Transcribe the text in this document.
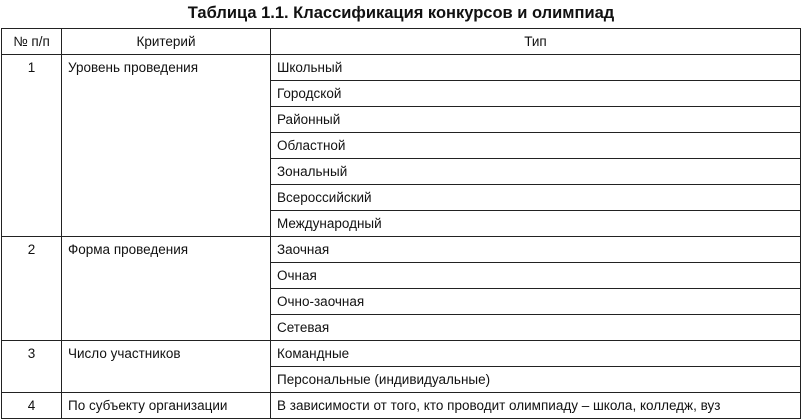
Таблица 1.1. Классификация конкурсов и олимпиад
№ п/п	Критерий	Тип
1	Уровень проведения	Школьный
		Городской
		Районный
		Областной
		Зональный
		Всероссийский
		Международный
2	Форма проведения	Заочная
		Очная
		Очно-заочная
		Сетевая
3	Число участников	Командные
		Персональные (индивидуальные)
4	По субъекту организации	В зависимости от того, кто проводит олимпиаду – школа, колледж, вуз
